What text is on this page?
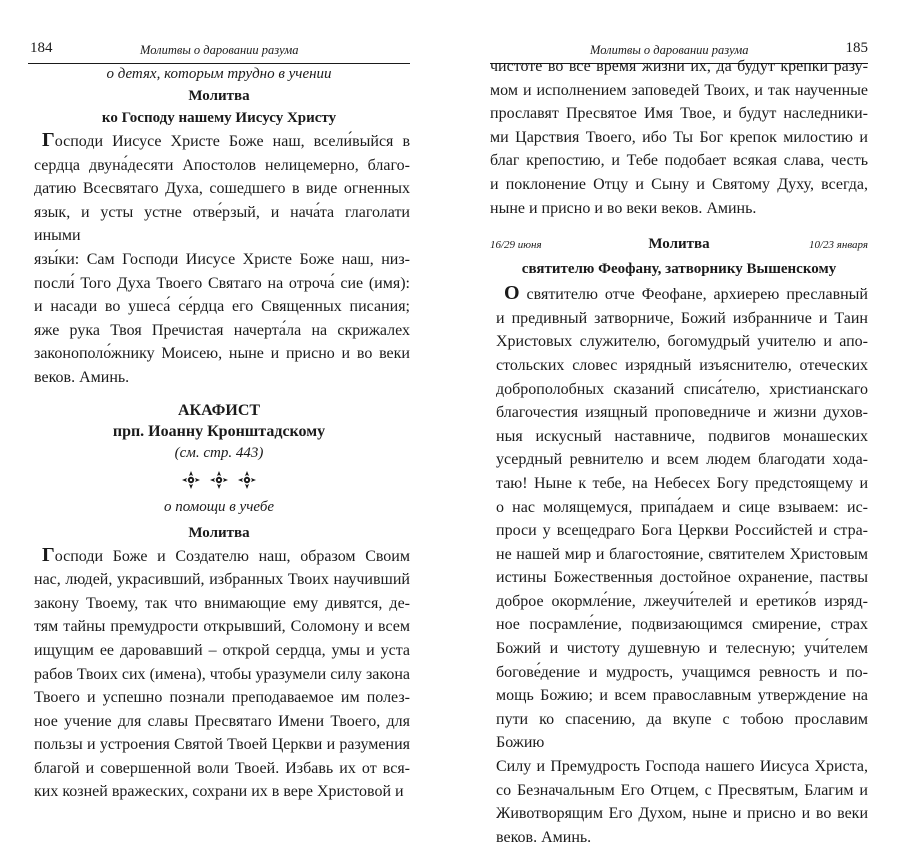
184	Молитвы о даровании разума

о детях, которым трудно в учении

Молитва

ко Господу нашему Иисусу Христу

Господи Иисусе Христе Боже наш, всели́выйся в
сердца двуна́десяти Апостолов нелицемерно, благо-
датию Всесвятаго Духа, сошедшего в виде огненных
язык, и усты устне отве́рзый, и нача́та глаголати иными
язы́ки: Сам Господи Иисусе Христе Боже наш, низ-
посли́ Того Духа Твоего Святаго на отроча́ сие (имя):
и насади во ушеса́ се́рдца его Священных писания;
яже рука Твоя Пречистая начерта́ла на скрижалех
законополо́жнику Моисею, ныне и присно и во веки
веков. Аминь.

АКАФИСТ

прп. Иоанну Кронштадскому

(см. стр. 443)

о помощи в учебе

Молитва

Господи Боже и Создателю наш, образом Своим
нас, людей, украсивший, избранных Твоих научивший
закону Твоему, так что внимающие ему дивятся, де-
тям тайны премудрости открывший, Соломону и всем
ищущим ее даровавший – открой сердца, умы и уста
рабов Твоих сих (имена), чтобы уразумели силу закона
Твоего и успешно познали преподаваемое им полез-
ное учение для славы Пресвятаго Имени Твоего, для
пользы и устроения Святой Твоей Церкви и разумения
благой и совершенной воли Твоей. Избавь их от вся-
ких козней вражеских, сохрани их в вере Христовой и
Молитвы о даровании разума	185
чистоте во все время жизни их, да будут крепки разу-
мом и исполнением заповедей Твоих, и так наученные
прославят Пресвятое Имя Твое, и будут наследники-
ми Царствия Твоего, ибо Ты Бог крепок милостию и
благ крепостию, и Тебе подобает всякая слава, честь
и поклонение Отцу и Сыну и Святому Духу, всегда,
ныне и присно и во веки веков. Аминь.
16/29 июня	Молитва	10/23 января

святителю Феофану, затворнику Вышенскому

О святителю отче Феофане, архиерею преславный
и предивный затворниче, Божий избранниче и Таин
Христовых служителю, богомудрый учителю и апо-
стольских словес изрядный изъяснителю, отеческих
доброполобных сказаний списа́телю, христианскаго
благочестия изящный проповедниче и жизни духов-
ныя искусный наставниче, подвигов монашеских
усердный ревнителю и всем людем благодати хода-
таю! Ныне к тебе, на Небесех Богу предстоящему и
о нас молящемуся, припа́даем и сице взываем: ис-
проси у всещедраго Бога Церкви Российстей и стра-
не нашей мир и благостояние, святителем Христовым
истины Божественныя достойное охранение, паствы
доброе окормле́ние, лжеучи́телей и еретико́в изряд-
ное посрамле́ние, подвизающимся смирение, страх
Божий и чистоту душевную и телесную; учи́телем
богове́дение и мудрость, учащимся ревность и по-
мощь Божию; и всем православным утверждение на
пути ко спасению, да вкупе с тобою прославим Божию
Силу и Премудрость Господа нашего Иисуса Христа,
со Безначальным Его Отцем, с Пресвятым, Благим и
Животворящим Его Духом, ныне и присно и во веки
веков. Аминь.
